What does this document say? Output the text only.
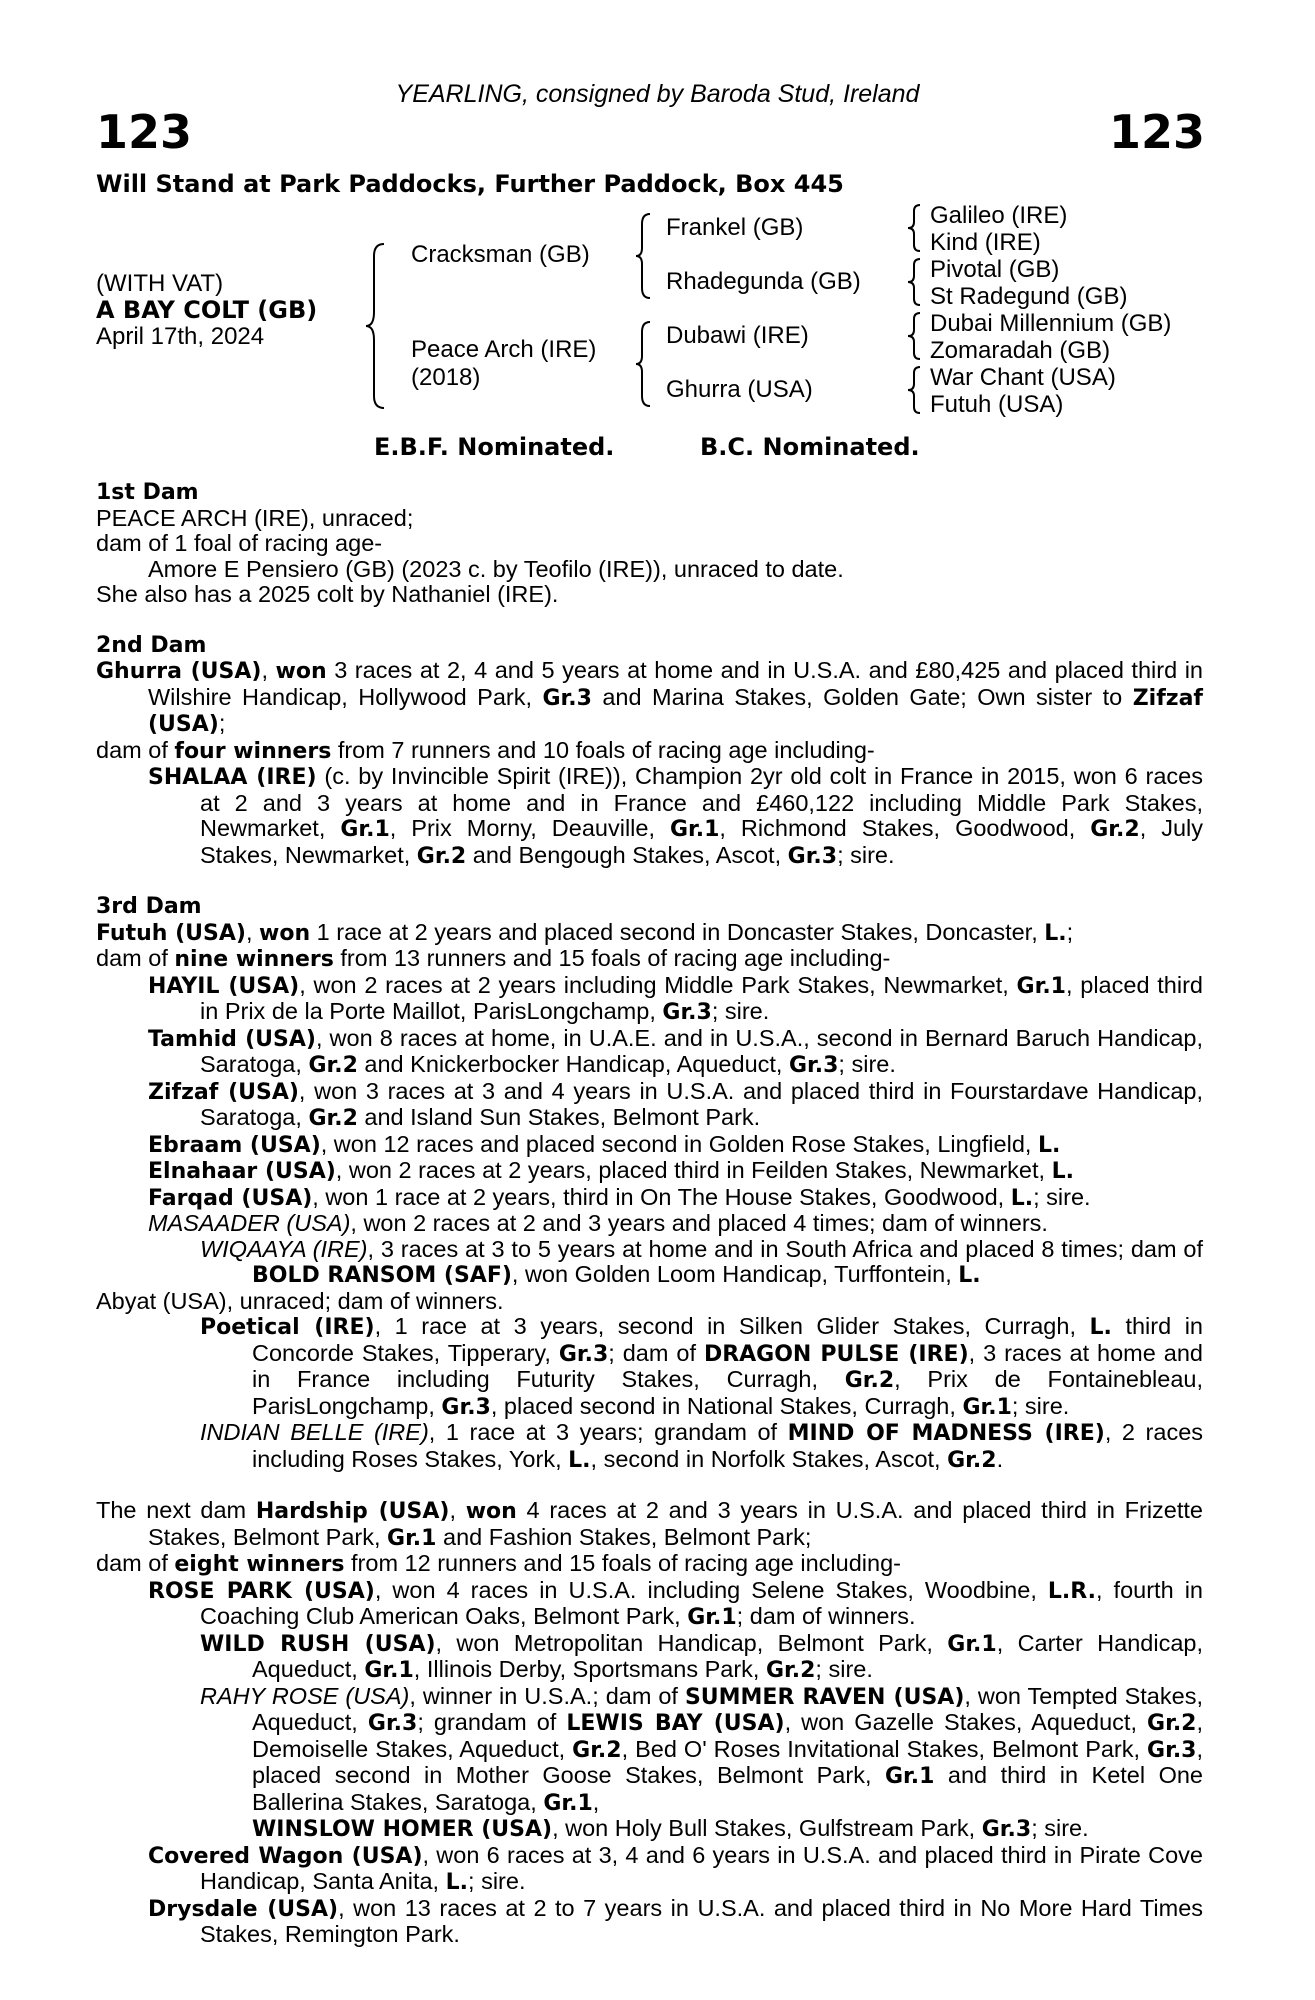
YEARLING, consigned by Baroda Stud, Ireland
123	123
Will Stand at Park Paddocks, Further Paddock, Box 445
(WITH VAT)
A BAY COLT (GB)
April 17th, 2024
Cracksman (GB)
Peace Arch (IRE)
(2018)
Frankel (GB)
Rhadegunda (GB)
Dubawi (IRE)
Ghurra (USA)
Galileo (IRE)
Kind (IRE)
Pivotal (GB)
St Radegund (GB)
Dubai Millennium (GB)
Zomaradah (GB)
War Chant (USA)
Futuh (USA)
E.B.F. Nominated.	B.C. Nominated.
1st Dam
PEACE ARCH (IRE), unraced;
dam of 1 foal of racing age-
Amore E Pensiero (GB) (2023 c. by Teofilo (IRE)), unraced to date.
She also has a 2025 colt by Nathaniel (IRE).
2nd Dam
Ghurra (USA), won 3 races at 2, 4 and 5 years at home and in U.S.A. and £80,425 and placed third in Wilshire Handicap, Hollywood Park, Gr.3 and Marina Stakes, Golden Gate; Own sister to Zifzaf (USA);
dam of four winners from 7 runners and 10 foals of racing age including-
SHALAA (IRE) (c. by Invincible Spirit (IRE)), Champion 2yr old colt in France in 2015, won 6 races at 2 and 3 years at home and in France and £460,122 including Middle Park Stakes, Newmarket, Gr.1, Prix Morny, Deauville, Gr.1, Richmond Stakes, Goodwood, Gr.2, July Stakes, Newmarket, Gr.2 and Bengough Stakes, Ascot, Gr.3; sire.
3rd Dam
Futuh (USA), won 1 race at 2 years and placed second in Doncaster Stakes, Doncaster, L.;
dam of nine winners from 13 runners and 15 foals of racing age including-
HAYIL (USA), won 2 races at 2 years including Middle Park Stakes, Newmarket, Gr.1, placed third in Prix de la Porte Maillot, ParisLongchamp, Gr.3; sire.
Tamhid (USA), won 8 races at home, in U.A.E. and in U.S.A., second in Bernard Baruch Handicap, Saratoga, Gr.2 and Knickerbocker Handicap, Aqueduct, Gr.3; sire.
Zifzaf (USA), won 3 races at 3 and 4 years in U.S.A. and placed third in Fourstardave Handicap, Saratoga, Gr.2 and Island Sun Stakes, Belmont Park.
Ebraam (USA), won 12 races and placed second in Golden Rose Stakes, Lingfield, L.
Elnahaar (USA), won 2 races at 2 years, placed third in Feilden Stakes, Newmarket, L.
Farqad (USA), won 1 race at 2 years, third in On The House Stakes, Goodwood, L.; sire.
MASAADER (USA), won 2 races at 2 and 3 years and placed 4 times; dam of winners.
WIQAAYA (IRE), 3 races at 3 to 5 years at home and in South Africa and placed 8 times; dam of BOLD RANSOM (SAF), won Golden Loom Handicap, Turffontein, L.
Abyat (USA), unraced; dam of winners.
Poetical (IRE), 1 race at 3 years, second in Silken Glider Stakes, Curragh, L. third in Concorde Stakes, Tipperary, Gr.3; dam of DRAGON PULSE (IRE), 3 races at home and in France including Futurity Stakes, Curragh, Gr.2, Prix de Fontainebleau, ParisLongchamp, Gr.3, placed second in National Stakes, Curragh, Gr.1; sire.
INDIAN BELLE (IRE), 1 race at 3 years; grandam of MIND OF MADNESS (IRE), 2 races including Roses Stakes, York, L., second in Norfolk Stakes, Ascot, Gr.2.
The next dam Hardship (USA), won 4 races at 2 and 3 years in U.S.A. and placed third in Frizette Stakes, Belmont Park, Gr.1 and Fashion Stakes, Belmont Park;
dam of eight winners from 12 runners and 15 foals of racing age including-
ROSE PARK (USA), won 4 races in U.S.A. including Selene Stakes, Woodbine, L.R., fourth in Coaching Club American Oaks, Belmont Park, Gr.1; dam of winners.
WILD RUSH (USA), won Metropolitan Handicap, Belmont Park, Gr.1, Carter Handicap, Aqueduct, Gr.1, Illinois Derby, Sportsmans Park, Gr.2; sire.
RAHY ROSE (USA), winner in U.S.A.; dam of SUMMER RAVEN (USA), won Tempted Stakes, Aqueduct, Gr.3; grandam of LEWIS BAY (USA), won Gazelle Stakes, Aqueduct, Gr.2, Demoiselle Stakes, Aqueduct, Gr.2, Bed O' Roses Invitational Stakes, Belmont Park, Gr.3, placed second in Mother Goose Stakes, Belmont Park, Gr.1 and third in Ketel One Ballerina Stakes, Saratoga, Gr.1,
WINSLOW HOMER (USA), won Holy Bull Stakes, Gulfstream Park, Gr.3; sire.
Covered Wagon (USA), won 6 races at 3, 4 and 6 years in U.S.A. and placed third in Pirate Cove Handicap, Santa Anita, L.; sire.
Drysdale (USA), won 13 races at 2 to 7 years in U.S.A. and placed third in No More Hard Times Stakes, Remington Park.
